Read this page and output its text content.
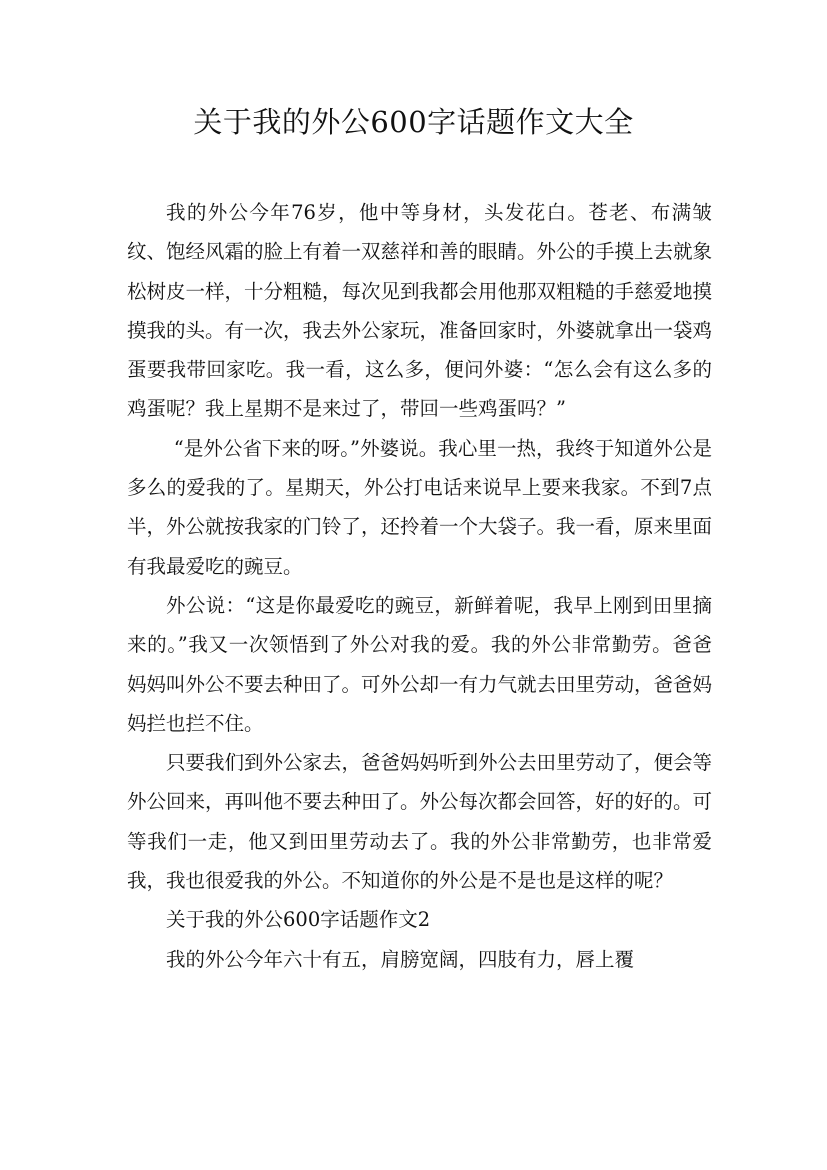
关于我的外公600字话题作文大全

我的外公今年76岁，他中等身材，头发花白。苍老、布满皱纹、饱经风霜的脸上有着一双慈祥和善的眼睛。外公的手摸上去就象松树皮一样，十分粗糙，每次见到我都会用他那双粗糙的手慈爱地摸摸我的头。有一次，我去外公家玩，准备回家时，外婆就拿出一袋鸡蛋要我带回家吃。我一看，这么多，便问外婆：“怎么会有这么多的鸡蛋呢？我上星期不是来过了，带回一些鸡蛋吗？”

“是外公省下来的呀。”外婆说。我心里一热，我终于知道外公是多么的爱我的了。星期天，外公打电话来说早上要来我家。不到7点半，外公就按我家的门铃了，还拎着一个大袋子。我一看，原来里面有我最爱吃的豌豆。

外公说：“这是你最爱吃的豌豆，新鲜着呢，我早上刚到田里摘来的。”我又一次领悟到了外公对我的爱。我的外公非常勤劳。爸爸妈妈叫外公不要去种田了。可外公却一有力气就去田里劳动，爸爸妈妈拦也拦不住。

只要我们到外公家去，爸爸妈妈听到外公去田里劳动了，便会等外公回来，再叫他不要去种田了。外公每次都会回答，好的好的。可等我们一走，他又到田里劳动去了。我的外公非常勤劳，也非常爱我，我也很爱我的外公。不知道你的外公是不是也是这样的呢？

关于我的外公600字话题作文2

我的外公今年六十有五，肩膀宽阔，四肢有力，唇上覆
